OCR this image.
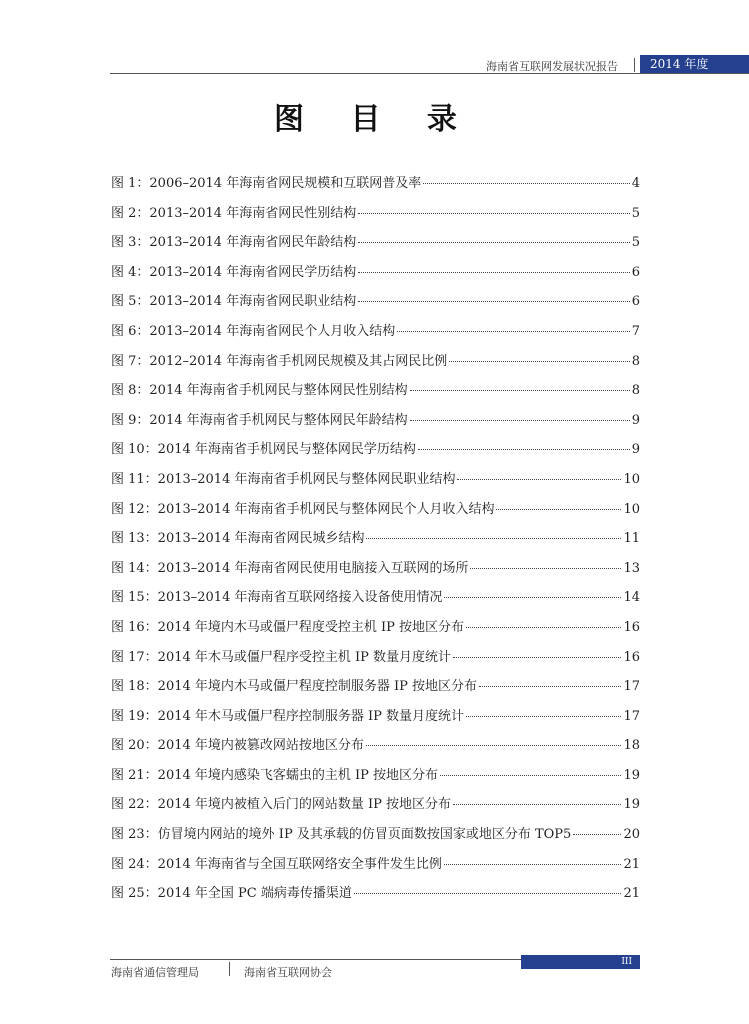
海南省互联网发展状况报告	2014 年度
图 目 录
图 1：2006–2014 年海南省网民规模和互联网普及率	4
图 2：2013–2014 年海南省网民性别结构	5
图 3：2013–2014 年海南省网民年龄结构	5
图 4：2013–2014 年海南省网民学历结构	6
图 5：2013–2014 年海南省网民职业结构	6
图 6：2013–2014 年海南省网民个人月收入结构	7
图 7：2012–2014 年海南省手机网民规模及其占网民比例	8
图 8：2014 年海南省手机网民与整体网民性别结构	8
图 9：2014 年海南省手机网民与整体网民年龄结构	9
图 10：2014 年海南省手机网民与整体网民学历结构	9
图 11：2013–2014 年海南省手机网民与整体网民职业结构	10
图 12：2013–2014 年海南省手机网民与整体网民个人月收入结构	10
图 13：2013–2014 年海南省网民城乡结构	11
图 14：2013–2014 年海南省网民使用电脑接入互联网的场所	13
图 15：2013–2014 年海南省互联网络接入设备使用情况	14
图 16：2014 年境内木马或僵尸程度受控主机 IP 按地区分布	16
图 17：2014 年木马或僵尸程序受控主机 IP 数量月度统计	16
图 18：2014 年境内木马或僵尸程度控制服务器 IP 按地区分布	17
图 19：2014 年木马或僵尸程序控制服务器 IP 数量月度统计	17
图 20：2014 年境内被篡改网站按地区分布	18
图 21：2014 年境内感染飞客蠕虫的主机 IP 按地区分布	19
图 22：2014 年境内被植入后门的网站数量 IP 按地区分布	19
图 23：仿冒境内网站的境外 IP 及其承载的仿冒页面数按国家或地区分布 TOP5	20
图 24：2014 年海南省与全国互联网络安全事件发生比例	21
图 25：2014 年全国 PC 端病毒传播渠道	21
III
海南省通信管理局	海南省互联网协会
